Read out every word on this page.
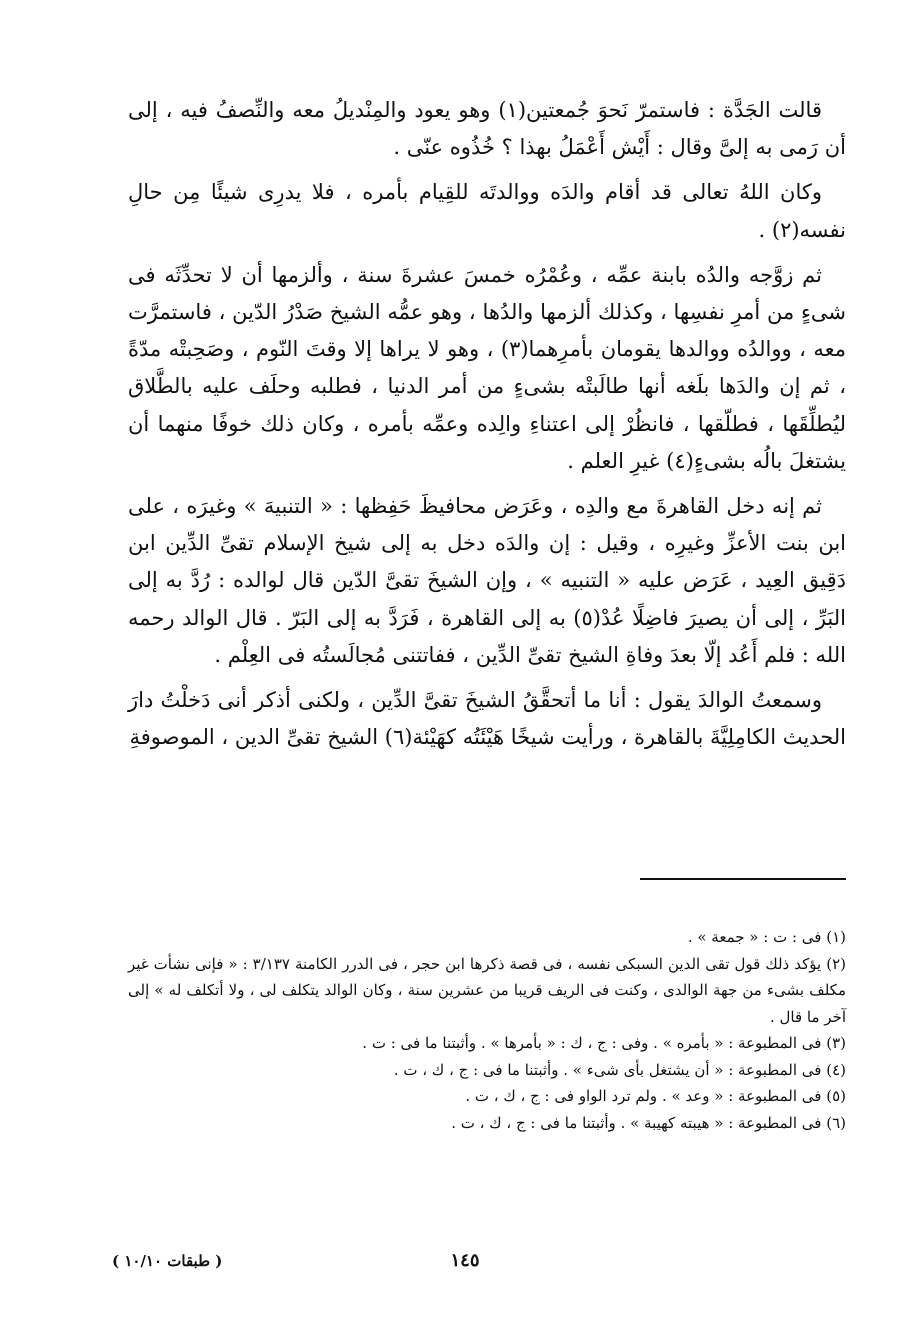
قالت الجَدَّة : فاستمرّ نَحوَ جُمعتين(١) وهو يعود والمِنْديلُ معه والنِّصفُ فيه ، إلى أن رَمى به إلىَّ وقال : أَيْش أَعْمَلُ بهذا ؟ خُذُوه عنّى .

وكان اللهُ تعالى قد أقام والدَه ووالدتَه للقِيام بأمره ، فلا يدرِى شيئًا مِن حالِ نفسه(٢) .

ثم زوَّجه والدُه بابنة عمِّه ، وعُمْرُه خمسَ عشرةَ سنة ، وألزمها أن لا تحدِّثَه فى شىءٍ من أمرِ نفسِها ، وكذلك ألزمها والدُها ، وهو عمُّه الشيخ صَدْرُ الدّين ، فاستمرَّت معه ، ووالدُه ووالدها يقومان بأمرِهما(٣) ، وهو لا يراها إلا وقتَ النّوم ، وصَحِبتْه مدّةً ، ثم إن والدَها بلَغه أنها طالَبتْه بشىءٍ من أمر الدنيا ، فطلبه وحلَف عليه بالطَّلاق ليُطلِّقَها ، فطلّقها ، فانظُرْ إلى اعتناءِ والِده وعمِّه بأمره ، وكان ذلك خوفًا منهما أن يشتغلَ بالُه بشىءٍ(٤) غيرِ العلم .

ثم إنه دخل القاهرةَ مع والدِه ، وعَرَض محافيظَ حَفِظها : « التنبيهَ » وغيرَه ، على ابن بنت الأعزِّ وغيرِه ، وقيل : إن والدَه دخل به إلى شيخ الإسلام تقىِّ الدِّين ابن دَقِيق العِيد ، عَرَض عليه « التنبيه » ، وإن الشيخَ تقىَّ الدّين قال لوالده : رُدَّ به إلى البَرِّ ، إلى أن يصيرَ فاضِلًا عُدْ(٥) به إلى القاهرة ، فَرَدَّ به إلى البَرّ . قال الوالد رحمه الله : فلم أَعُد إلّا بعدَ وفاةِ الشيخ تقىِّ الدِّين ، ففاتتنى مُجالَستُه فى العِلْم .

وسمعتُ الوالدَ يقول : أنا ما أتحقَّقُ الشيخَ تقىَّ الدِّين ، ولكنى أذكر أنى دَخلْتُ دارَ الحديث الكامِلِيَّةَ بالقاهرة ، ورأيت شيخًا هَيْئَتُه كهَيْئة(٦) الشيخ تقىِّ الدين ، الموصوفةِ

(١) فى : ت : « جمعة » .

(٢) يؤكد ذلك قول تقى الدين السبكى نفسه ، فى قصة ذكرها ابن حجر ، فى الدرر الكامنة ٣/١٣٧ : « فإنى نشأت غير مكلف بشىء من جهة الوالدى ، وكنت فى الريف قريبا من عشرين سنة ، وكان الوالد يتكلف لى ، ولا أتكلف له » إلى آخر ما قال .

(٣) فى المطبوعة : « بأمره » . وفى : ج ، ك : « بأمرها » . وأثبتنا ما فى : ت .

(٤) فى المطبوعة : « أن يشتغل بأى شىء » . وأثبتنا ما فى : ج ، ك ، ت .

(٥) فى المطبوعة : « وعد » . ولم ترد الواو فى : ج ، ك ، ت .

(٦) فى المطبوعة : « هيبته كهيبة » . وأثبتنا ما فى : ج ، ك ، ت .

١٤٥
( طبقات ١٠/١٠ )
